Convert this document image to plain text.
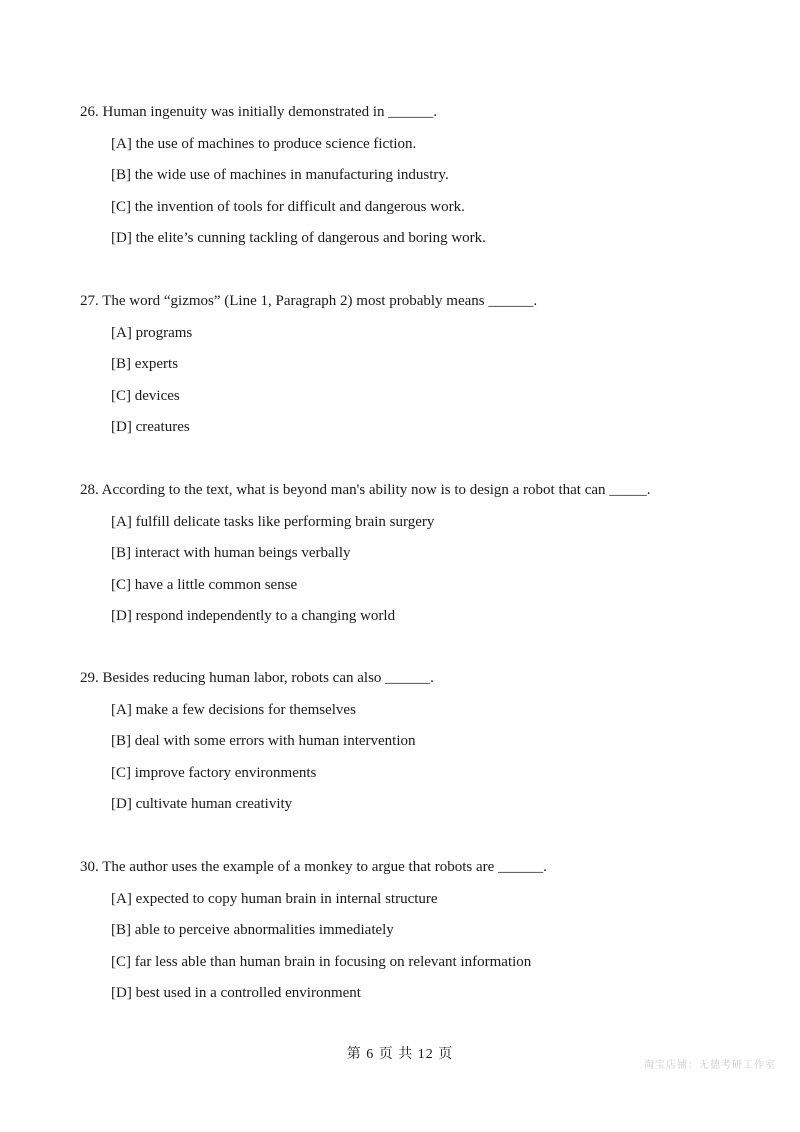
26. Human ingenuity was initially demonstrated in ______.
[A] the use of machines to produce science fiction.
[B] the wide use of machines in manufacturing industry.
[C] the invention of tools for difficult and dangerous work.
[D] the elite’s cunning tackling of dangerous and boring work.
27. The word “gizmos” (Line 1, Paragraph 2) most probably means ______.
[A] programs
[B] experts
[C] devices
[D] creatures
28. According to the text, what is beyond man's ability now is to design a robot that can _____.
[A] fulfill delicate tasks like performing brain surgery
[B] interact with human beings verbally
[C] have a little common sense
[D] respond independently to a changing world
29. Besides reducing human labor, robots can also ______.
[A] make a few decisions for themselves
[B] deal with some errors with human intervention
[C] improve factory environments
[D] cultivate human creativity
30. The author uses the example of a monkey to argue that robots are ______.
[A] expected to copy human brain in internal structure
[B] able to perceive abnormalities immediately
[C] far less able than human brain in focusing on relevant information
[D] best used in a controlled environment
第 6 页 共 12 页
淘宝店铺：无德考研工作室
